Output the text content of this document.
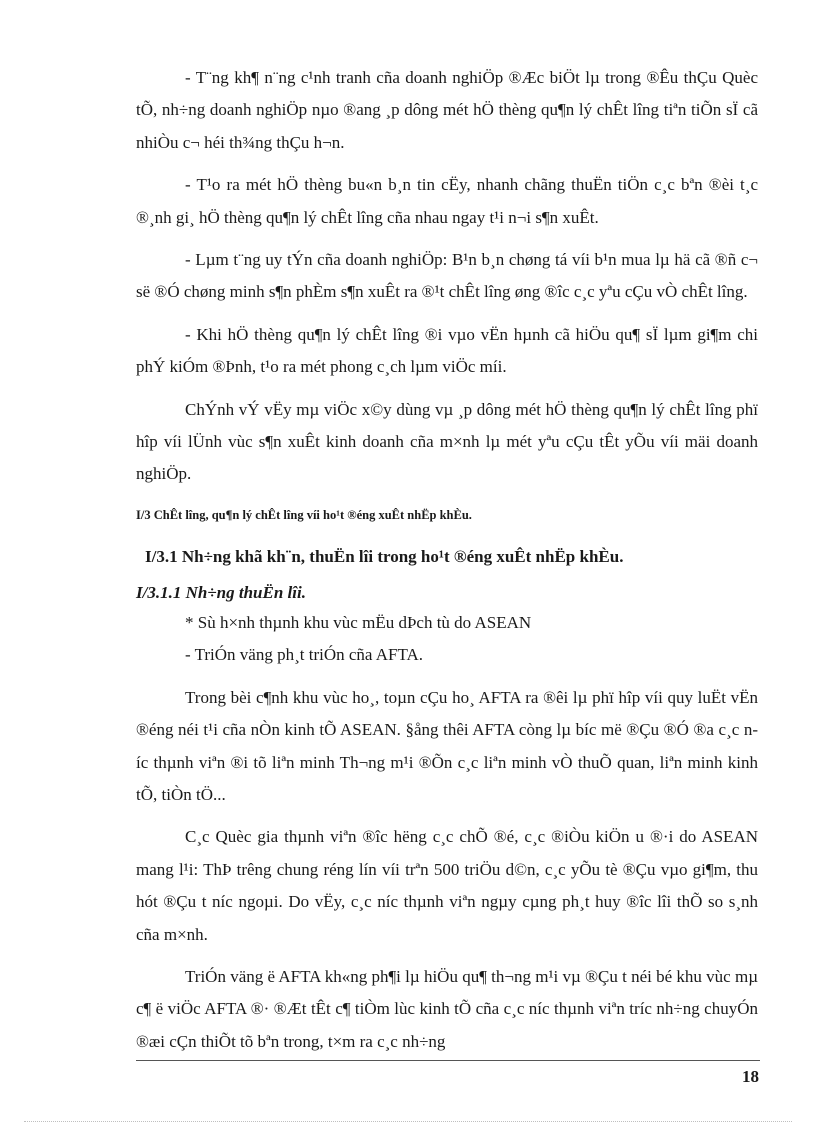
- T¨ng kh¶ n¨ng c¹nh tranh cña doanh nghiÖp ®Æc biÖt lµ trong ®Êu thÇu Quèc tÕ, nh÷ng doanh nghiÖp nµo ®ang ¸p dông mét hÖ thèng qu¶n lý chÊt lîng tiªn tiÕn sÏ cã nhiÒu c¬ héi th¾ng thÇu h¬n.

- T¹o ra mét hÖ thèng bu«n b¸n tin cËy, nhanh chãng thuËn tiÖn c¸c bªn ®èi t¸c ®¸nh gi¸ hÖ thèng qu¶n lý chÊt lîng cña nhau ngay t¹i n¬i s¶n xuÊt.

- Lµm t¨ng uy tÝn cña doanh nghiÖp: B¹n b¸n chøng tá víi b¹n mua lµ hä cã ®ñ c¬ së ®Ó chøng minh s¶n phÈm s¶n xuÊt ra ®¹t chÊt lîng øng ®îc c¸c yªu cÇu vÒ chÊt lîng.

- Khi hÖ thèng qu¶n lý chÊt lîng ®i vµo vËn hµnh cã hiÖu qu¶ sÏ lµm gi¶m chi phÝ kiÓm ®Þnh, t¹o ra mét phong c¸ch lµm viÖc míi.

ChÝnh vÝ vËy mµ viÖc x©y dùng vµ ¸p dông mét hÖ thèng qu¶n lý chÊt lîng phï hîp víi lÜnh vùc s¶n xuÊt kinh doanh cña m×nh lµ mét yªu cÇu tÊt yÕu víi mäi doanh nghiÖp.

I/3 ChÊt lîng, qu¶n lý chÊt lîng víi ho¹t ®éng xuÊt nhËp khÈu.

I/3.1 Nh÷ng khã kh¨n, thuËn lîi trong ho¹t ®éng xuÊt nhËp khÈu.

I/3.1.1 Nh÷ng thuËn lîi.

* Sù h×nh thµnh khu vùc mËu dÞch tù do ASEAN

- TriÓn väng ph¸t triÓn cña AFTA.

Trong bèi c¶nh khu vùc ho¸, toµn cÇu ho¸ AFTA ra ®êi lµ phï hîp víi quy luËt vËn ®éng néi t¹i cña nÒn kinh tÕ ASEAN. §ång thêi AFTA còng lµ bíc më ®Çu ®Ó ®a c¸c níc thµnh viªn ®i tõ liªn minh Th¬ng m¹i ®Õn c¸c liªn minh vÒ thuÕ quan, liªn minh kinh tÕ, tiÒn tÖ...

C¸c Quèc gia thµnh viªn ®îc hëng c¸c chÕ ®é, c¸c ®iÒu kiÖn u ®·i do ASEAN mang l¹i: ThÞ trêng chung réng lín víi trªn 500 triÖu d©n, c¸c yÕu tè ®Çu vµo gi¶m, thu hót ®Çu t níc ngoµi. Do vËy, c¸c níc thµnh viªn ngµy cµng ph¸t huy ®îc lîi thÕ so s¸nh cña m×nh.

TriÓn väng ë AFTA kh«ng ph¶i lµ hiÖu qu¶ th¬ng m¹i vµ ®Çu t néi bé khu vùc mµ c¶ ë viÖc AFTA ®· ®Æt tÊt c¶ tiÒm lùc kinh tÕ cña c¸c níc thµnh viªn tríc nh÷ng chuyÓn ®æi cÇn thiÕt tõ bªn trong, t×m ra c¸c nh÷ng

18
